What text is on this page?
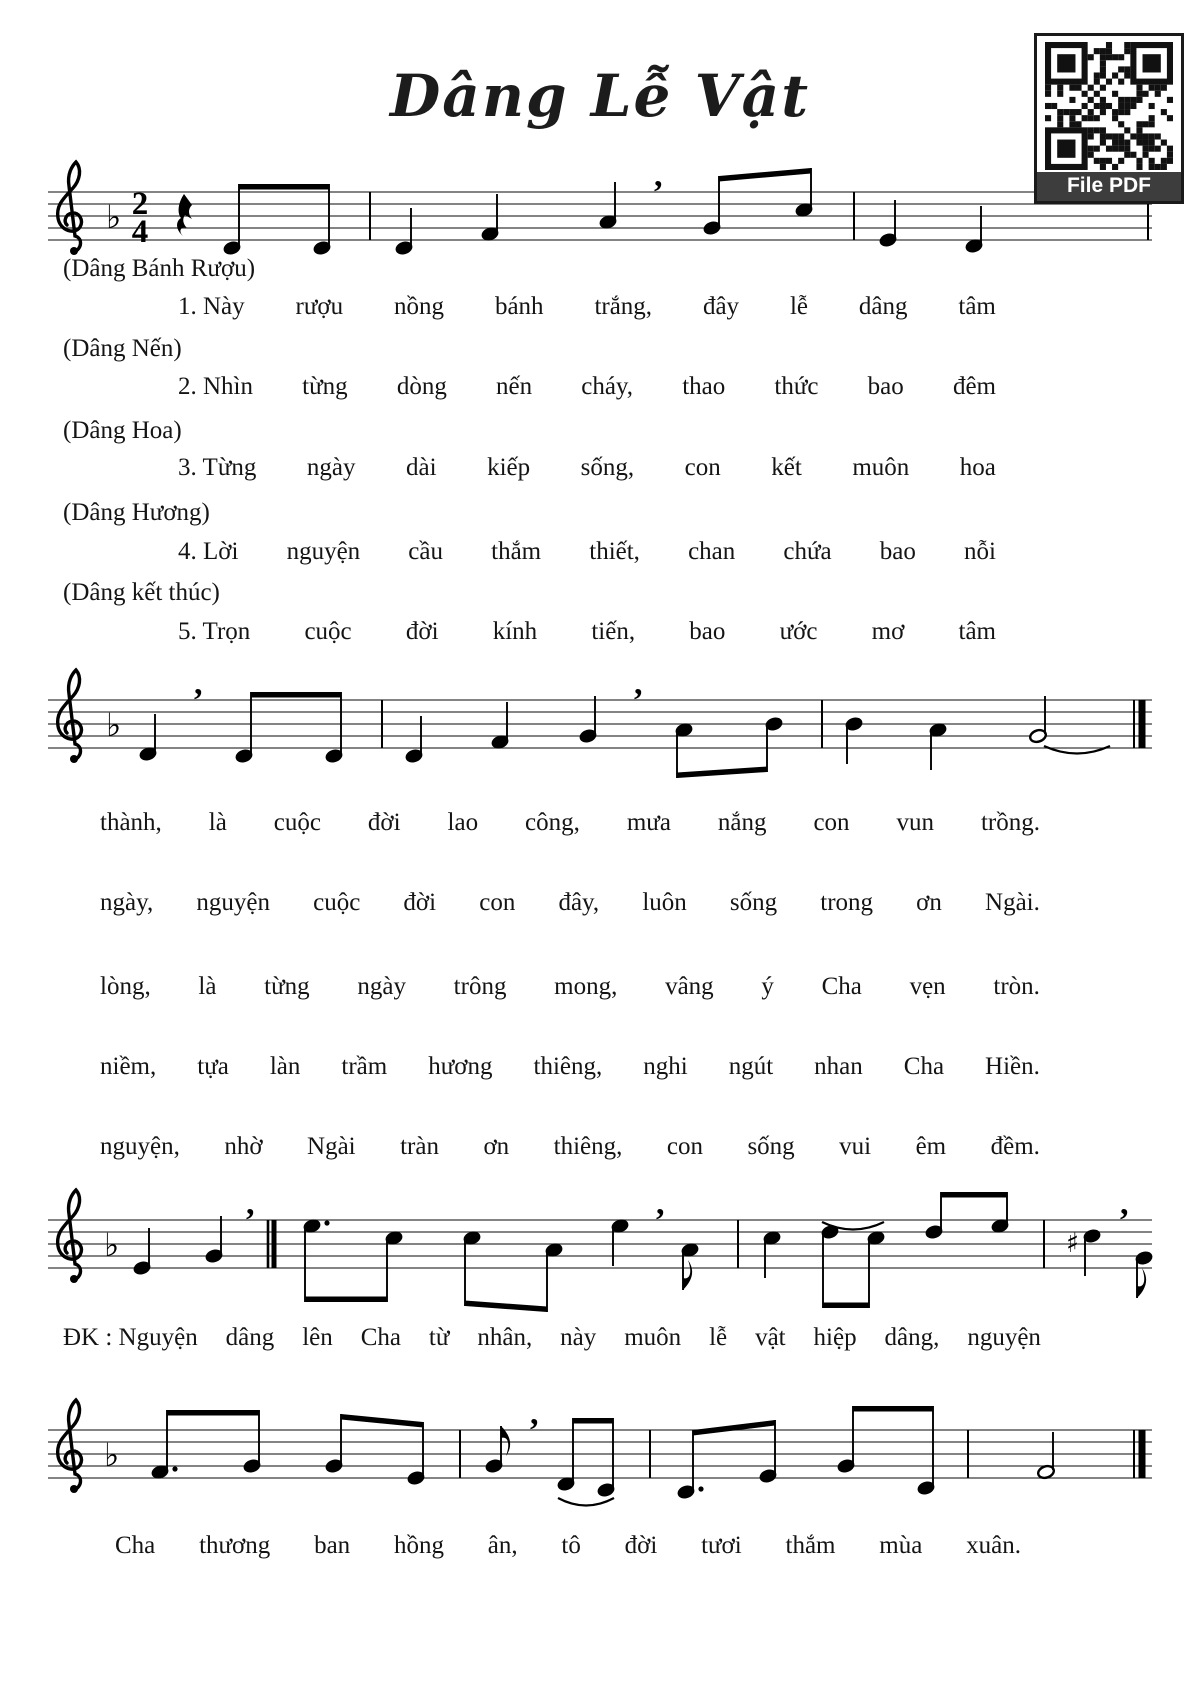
Dâng Lễ Vật
File PDF
♭ 2
4
,
(Dâng Bánh Rượu)
1. Này rượu nồng bánh trắng, đây lễ dâng tâm
(Dâng Nến)
2. Nhìn từng dòng nến cháy, thao thức bao đêm
(Dâng Hoa)
3. Từng ngày dài kiếp sống, con kết muôn hoa
(Dâng Hương)
4. Lời nguyện cầu thắm thiết, chan chứa bao nỗi
(Dâng kết thúc)
5. Trọn cuộc đời kính tiến, bao ước mơ tâm
♭
,	,
thành, là cuộc đời lao công, mưa nắng con vun trồng.
ngày, nguyện cuộc đời con đây, luôn sống trong ơn Ngài.
lòng, là từng ngày trông mong, vâng ý Cha vẹn tròn.
niềm, tựa làn trầm hương thiêng, nghi ngút nhan Cha Hiền.
nguyện, nhờ Ngài tràn ơn thiêng, con sống vui êm đềm.
♭
,	,
♯
,
ĐK : Nguyện dâng lên Cha từ nhân, này muôn lễ vật hiệp dâng, nguyện
♭
,
Cha thương ban hồng ân, tô đời tươi thắm mùa xuân.
